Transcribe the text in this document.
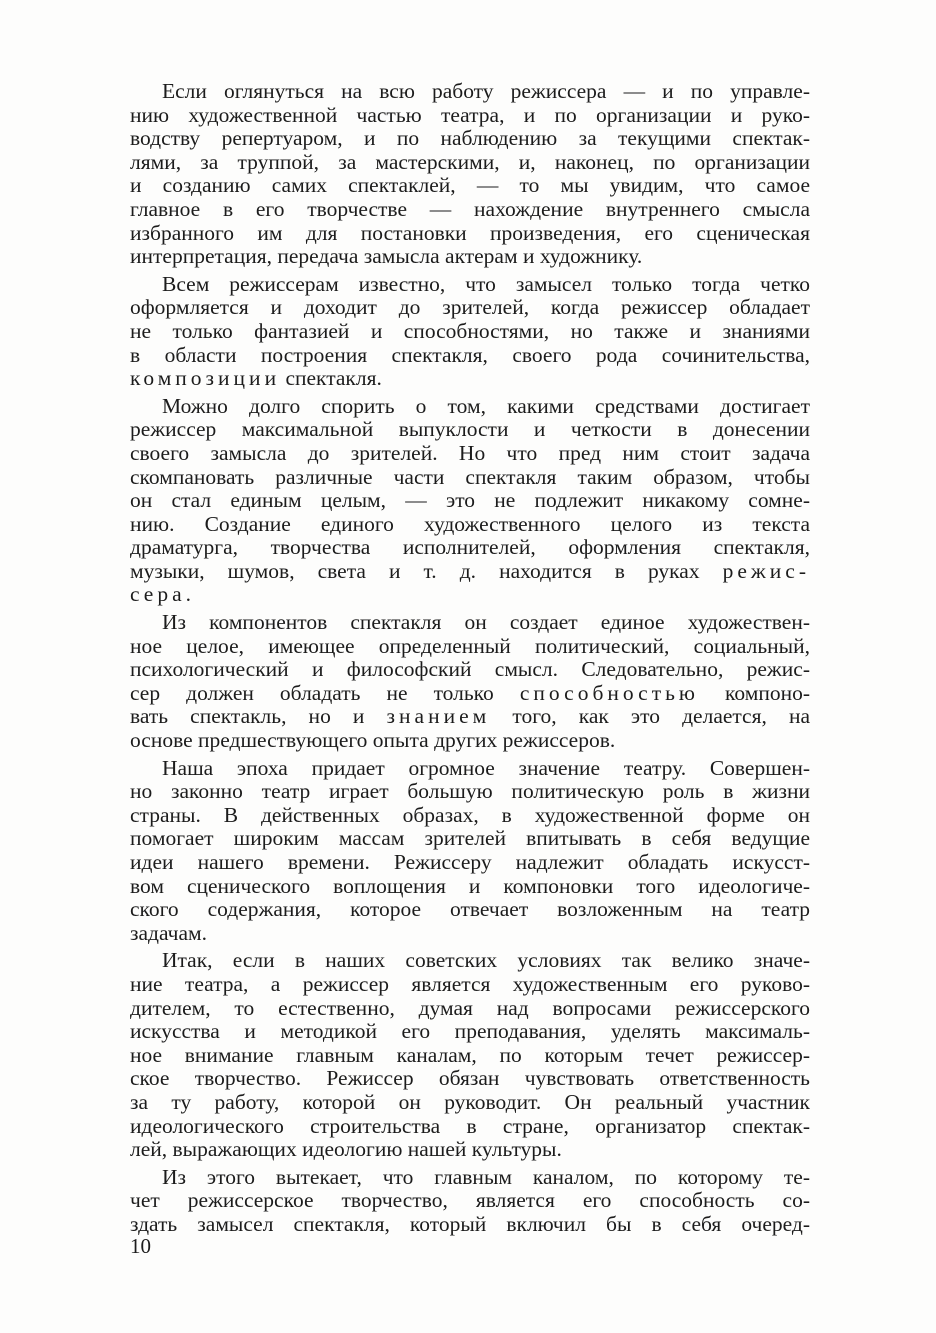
Если оглянуться на всю работу режиссера — и по управле-
нию художественной частью театра, и по организации и руко-
водству репертуаром, и по наблюдению за текущими спектак-
лями, за труппой, за мастерскими, и, наконец, по организации
и созданию самих спектаклей, — то мы увидим, что самое
главное в его творчестве — нахождение внутреннего смысла
избранного им для постановки произведения, его сценическая
интерпретация, передача замысла актерам и художнику.
Всем режиссерам известно, что замысел только тогда четко
оформляется и доходит до зрителей, когда режиссер обладает
не только фантазией и способностями, но также и знаниями
в области построения спектакля, своего рода сочинительства,
композиции спектакля.
Можно долго спорить о том, какими средствами достигает
режиссер максимальной выпуклости и четкости в донесении
своего замысла до зрителей. Но что пред ним стоит задача
скомпановать различные части спектакля таким образом, чтобы
он стал единым целым, — это не подлежит никакому сомне-
нию. Создание единого художественного целого из текста
драматурга, творчества исполнителей, оформления спектакля,
музыки, шумов, света и т. д. находится в руках режис-
сера.
Из компонентов спектакля он создает единое художествен-
ное целое, имеющее определенный политический, социальный,
психологический и философский смысл. Следовательно, режис-
сер должен обладать не только способностью компоно-
вать спектакль, но и знанием того, как это делается, на
основе предшествующего опыта других режиссеров.
Наша эпоха придает огромное значение театру. Совершен-
но законно театр играет большую политическую роль в жизни
страны. В действенных образах, в художественной форме он
помогает широким массам зрителей впитывать в себя ведущие
идеи нашего времени. Режиссеру надлежит обладать искусст-
вом сценического воплощения и компоновки того идеологиче-
ского содержания, которое отвечает возложенным на театр
задачам.
Итак, если в наших советских условиях так велико значе-
ние театра, а режиссер является художественным его руково-
дителем, то естественно, думая над вопросами режиссерского
искусства и методикой его преподавания, уделять максималь-
ное внимание главным каналам, по которым течет режиссер-
ское творчество. Режиссер обязан чувствовать ответственность
за ту работу, которой он руководит. Он реальный участник
идеологического строительства в стране, организатор спектак-
лей, выражающих идеологию нашей культуры.
Из этого вытекает, что главным каналом, по которому те-
чет режиссерское творчество, является его способность со-
здать замысел спектакля, который включил бы в себя очеред-
10
